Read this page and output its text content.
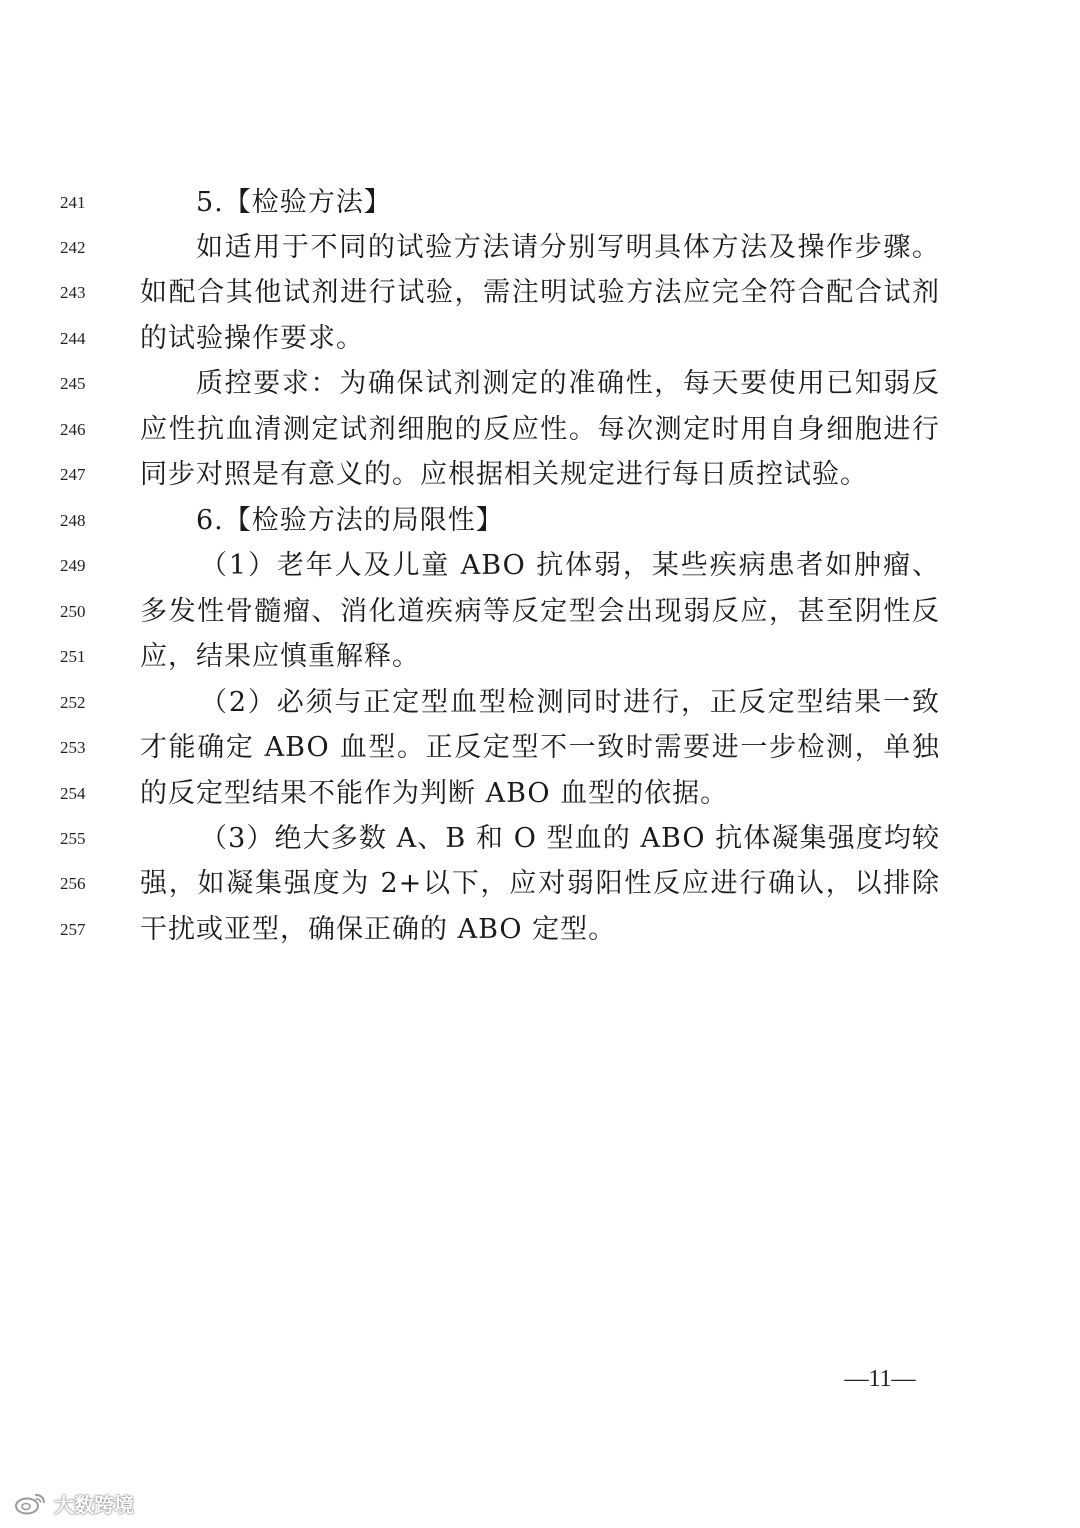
241	5.【检验方法】
242	如适用于不同的试验方法请分别写明具体方法及操作步骤。
243	如配合其他试剂进行试验，需注明试验方法应完全符合配合试剂
244	的试验操作要求。
245	质控要求：为确保试剂测定的准确性，每天要使用已知弱反
246	应性抗血清测定试剂细胞的反应性。每次测定时用自身细胞进行
247	同步对照是有意义的。应根据相关规定进行每日质控试验。
248	6.【检验方法的局限性】
249	（1）老年人及儿童 ABO 抗体弱，某些疾病患者如肿瘤、
250	多发性骨髓瘤、消化道疾病等反定型会出现弱反应，甚至阴性反
251	应，结果应慎重解释。
252	（2）必须与正定型血型检测同时进行，正反定型结果一致
253	才能确定 ABO 血型。正反定型不一致时需要进一步检测，单独
254	的反定型结果不能作为判断 ABO 血型的依据。
255	（3）绝大多数 A、B 和 O 型血的 ABO 抗体凝集强度均较
256	强，如凝集强度为 2+以下，应对弱阳性反应进行确认，以排除
257	干扰或亚型，确保正确的 ABO 定型。
—11—
大数跨境
